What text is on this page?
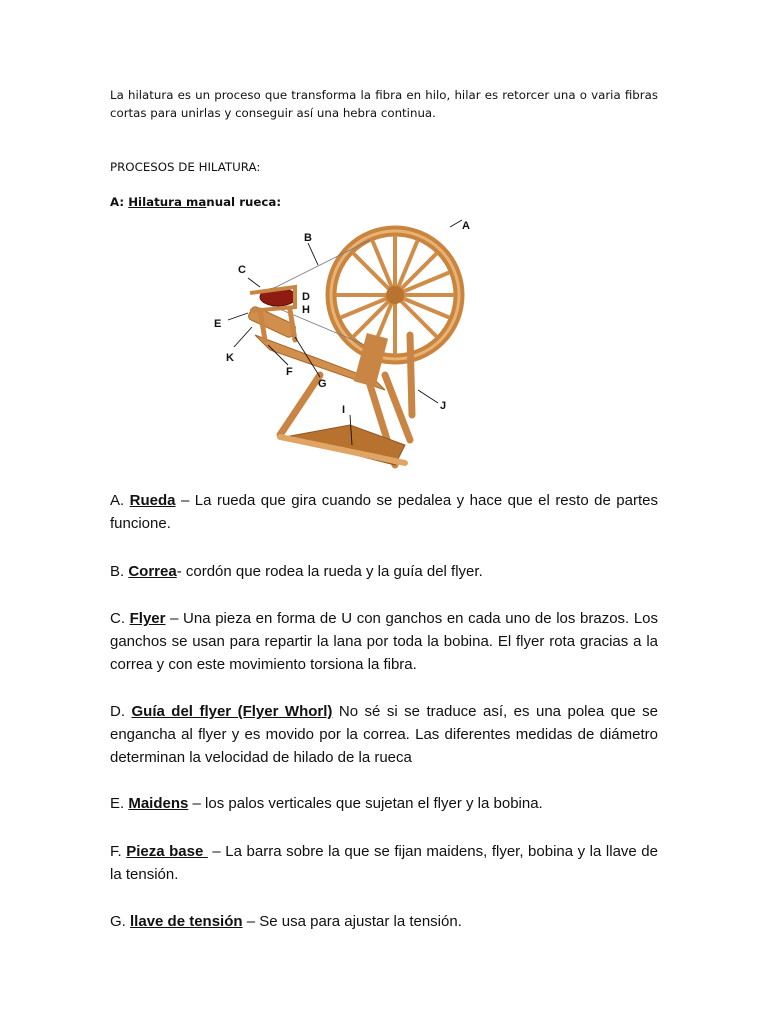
La hilatura es un proceso que transforma la fibra en hilo, hilar es retorcer una o varia fibras cortas para unirlas y conseguir así una hebra continua.
PROCESOS DE HILATURA:
A: Hilatura manual rueca:
A
B
C
D
H
E
K
F
G
I	J
A. Rueda – La rueda que gira cuando se pedalea y hace que el resto de partes funcione.
B. Correa- cordón que rodea la rueda y la guía del flyer.
C. Flyer – Una pieza en forma de U con ganchos en cada uno de los brazos. Los ganchos se usan para repartir la lana por toda la bobina. El flyer rota gracias a la correa y con este movimiento torsiona la fibra.
D. Guía del flyer (Flyer Whorl) No sé si se traduce así, es una polea que se engancha al flyer y es movido por la correa. Las diferentes medidas de diámetro determinan la velocidad de hilado de la rueca
E. Maidens – los palos verticales que sujetan el flyer y la bobina.
F. Pieza base  – La barra sobre la que se fijan maidens, flyer, bobina y la llave de la tensión.
G. llave de tensión – Se usa para ajustar la tensión.
